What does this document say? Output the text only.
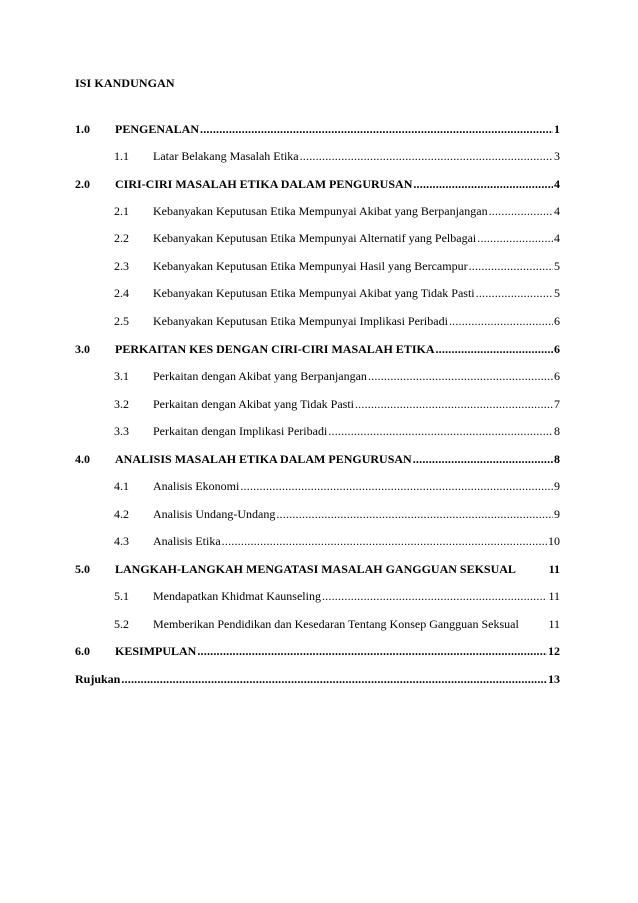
ISI KANDUNGAN
1.0	PENGENALAN .....	1
1.1	Latar Belakang Masalah Etika .....	3
2.0	CIRI-CIRI MASALAH ETIKA DALAM PENGURUSAN .....	4
2.1	Kebanyakan Keputusan Etika Mempunyai Akibat yang Berpanjangan .....	4
2.2	Kebanyakan Keputusan Etika Mempunyai Alternatif yang Pelbagai .....	4
2.3	Kebanyakan Keputusan Etika Mempunyai Hasil yang Bercampur .....	5
2.4	Kebanyakan Keputusan Etika Mempunyai Akibat yang Tidak Pasti .....	5
2.5	Kebanyakan Keputusan Etika Mempunyai Implikasi Peribadi .....	6
3.0	PERKAITAN KES DENGAN CIRI-CIRI MASALAH ETIKA .....	6
3.1	Perkaitan dengan Akibat yang Berpanjangan .....	6
3.2	Perkaitan dengan Akibat yang Tidak Pasti .....	7
3.3	Perkaitan dengan Implikasi Peribadi .....	8
4.0	ANALISIS MASALAH ETIKA DALAM PENGURUSAN .....	8
4.1	Analisis Ekonomi .....	9
4.2	Analisis Undang-Undang .....	9
4.3	Analisis Etika .....	10
5.0	LANGKAH-LANGKAH MENGATASI MASALAH GANGGUAN SEKSUAL	11
5.1	Mendapatkan Khidmat Kaunseling .....	11
5.2	Memberikan Pendidikan dan Kesedaran Tentang Konsep Gangguan Seksual 11
6.0	KESIMPULAN .....	12
Rujukan .....	13
